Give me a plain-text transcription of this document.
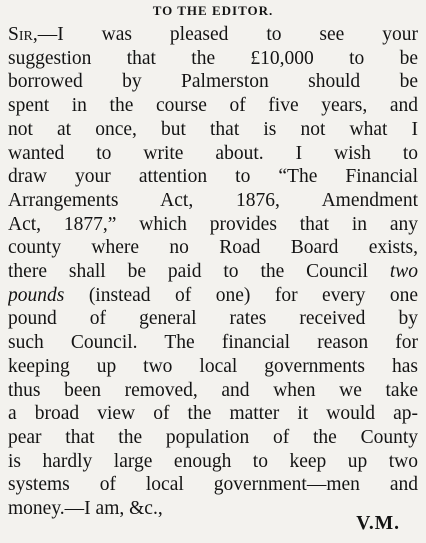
TO THE EDITOR.
Sir,—I was pleased to see your
suggestion that the £10,000 to be
borrowed by Palmerston should be
spent in the course of five years, and
not at once, but that is not what I
wanted to write about. I wish to
draw your attention to “The Financial
Arrangements Act, 1876, Amendment
Act, 1877,” which provides that in any
county where no Road Board exists,
there shall be paid to the Council two
pounds (instead of one) for every one
pound of general rates received by
such Council. The financial reason for
keeping up two local governments has
thus been removed, and when we take
a broad view of the matter it would ap-
pear that the population of the County
is hardly large enough to keep up two
systems of local government—men and
money.—I am, &c.,
V.M.
